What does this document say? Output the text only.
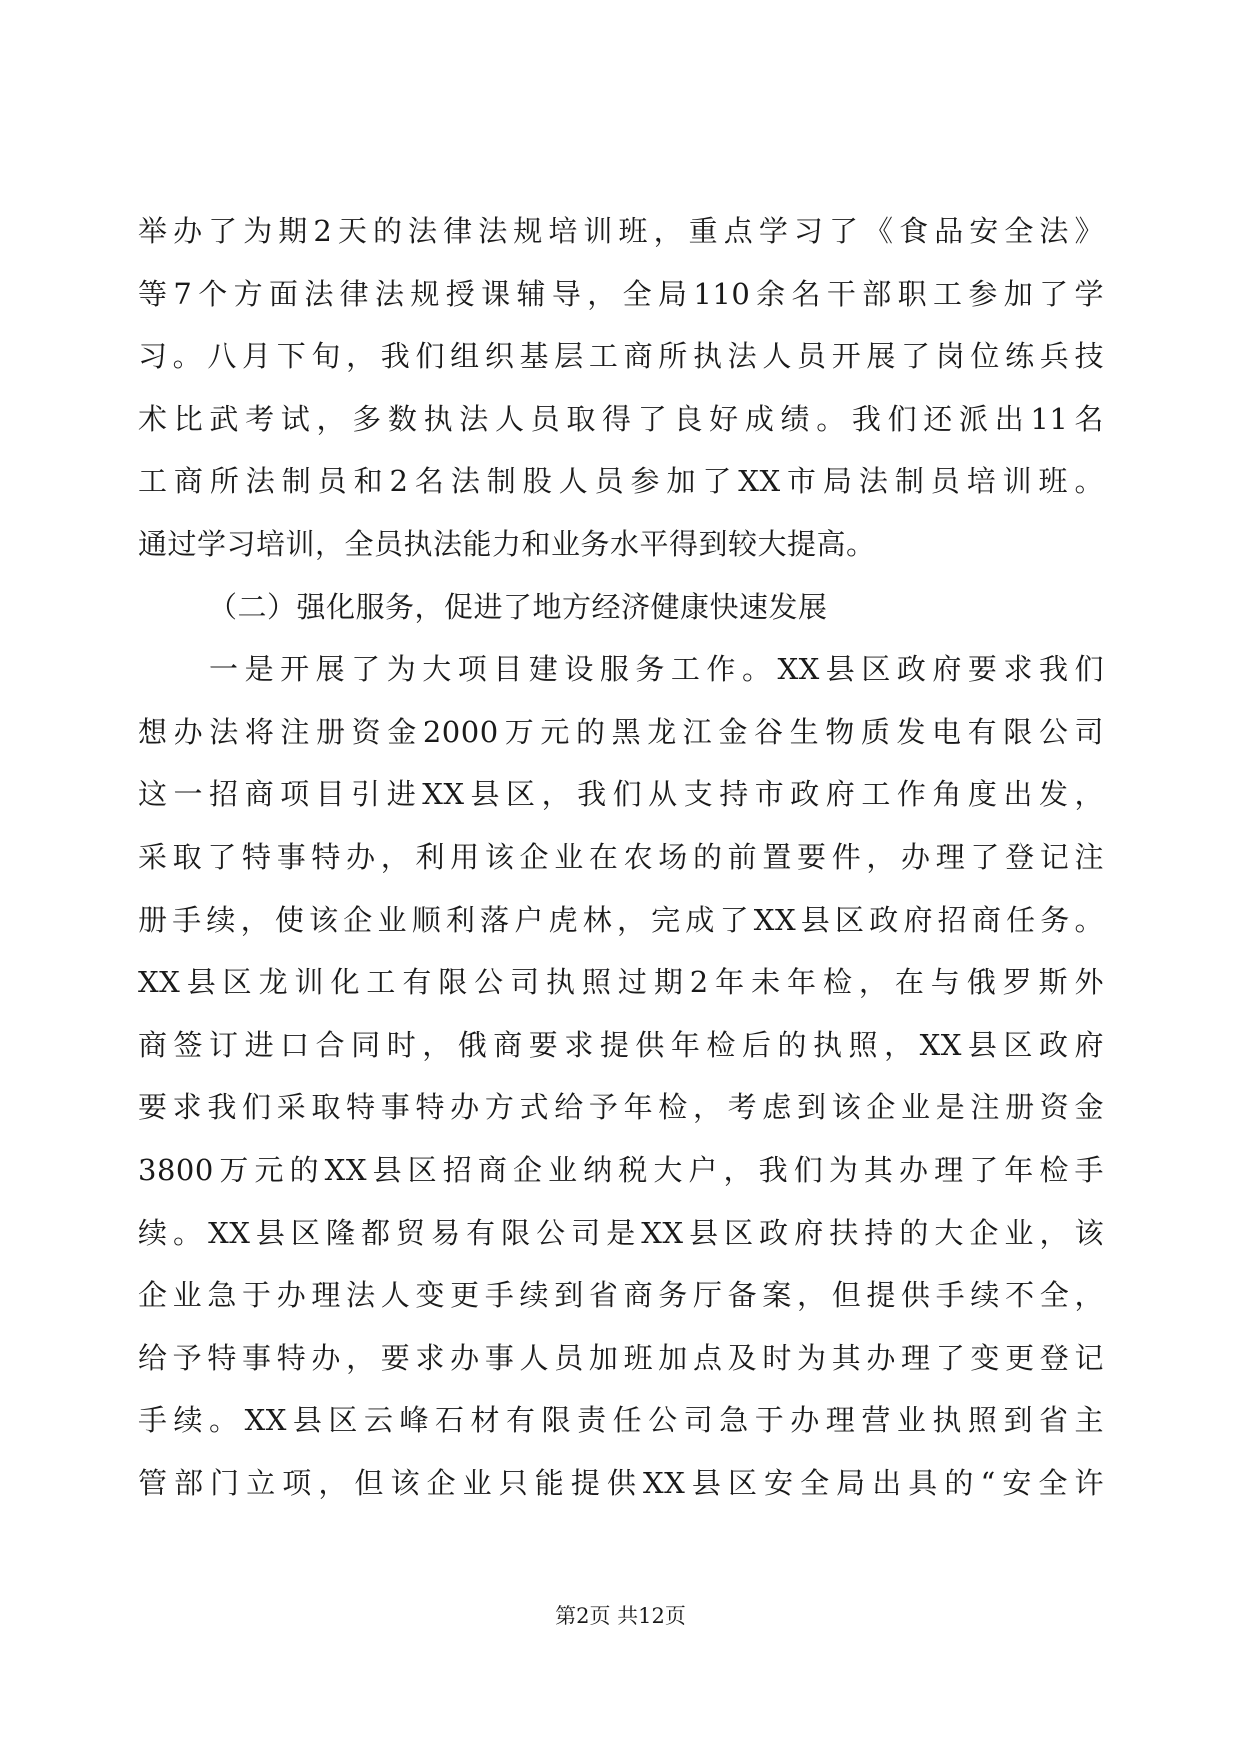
举办了为期2天的法律法规培训班，重点学习了《食品安全法》
等7个方面法律法规授课辅导，全局110余名干部职工参加了学
习。八月下旬，我们组织基层工商所执法人员开展了岗位练兵技
术比武考试，多数执法人员取得了良好成绩。我们还派出11名
工商所法制员和2名法制股人员参加了XX市局法制员培训班。
通过学习培训，全员执法能力和业务水平得到较大提高。
（二）强化服务，促进了地方经济健康快速发展
　　一是开展了为大项目建设服务工作。XX县区政府要求我们
想办法将注册资金2000万元的黑龙江金谷生物质发电有限公司
这一招商项目引进XX县区，我们从支持市政府工作角度出发，
采取了特事特办，利用该企业在农场的前置要件，办理了登记注
册手续，使该企业顺利落户虎林，完成了XX县区政府招商任务。
XX县区龙训化工有限公司执照过期2年未年检，在与俄罗斯外
商签订进口合同时，俄商要求提供年检后的执照，XX县区政府
要求我们采取特事特办方式给予年检，考虑到该企业是注册资金
3800万元的XX县区招商企业纳税大户，我们为其办理了年检手
续。XX县区隆都贸易有限公司是XX县区政府扶持的大企业，该
企业急于办理法人变更手续到省商务厅备案，但提供手续不全，
给予特事特办，要求办事人员加班加点及时为其办理了变更登记
手续。XX县区云峰石材有限责任公司急于办理营业执照到省主
管部门立项，但该企业只能提供XX县区安全局出具的“安全许
第2页 共12页
